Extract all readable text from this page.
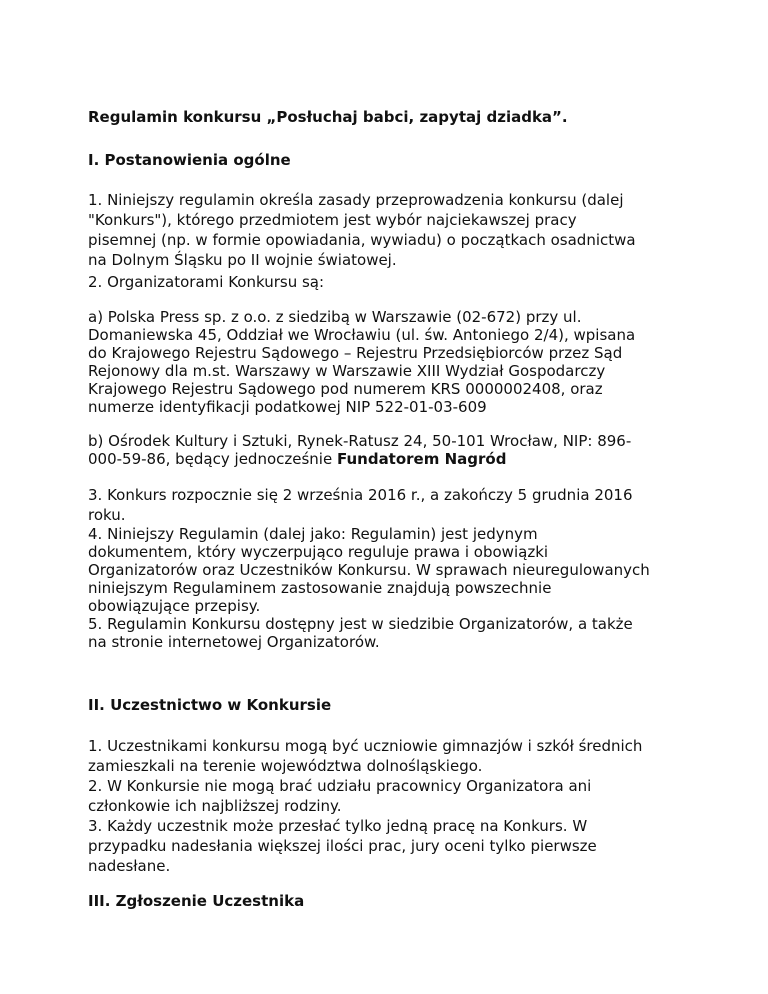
Regulamin konkursu „Posłuchaj babci, zapytaj dziadka”.
I. Postanowienia ogólne
1. Niniejszy regulamin określa zasady przeprowadzenia konkursu (dalej
"Konkurs"), którego przedmiotem jest wybór najciekawszej pracy
pisemnej (np. w formie opowiadania, wywiadu) o początkach osadnictwa
na Dolnym Śląsku po II wojnie światowej.
2. Organizatorami Konkursu są:
a) Polska Press sp. z o.o. z siedzibą w Warszawie (02-672) przy ul.
Domaniewska 45, Oddział we Wrocławiu (ul. św. Antoniego 2/4), wpisana
do Krajowego Rejestru Sądowego – Rejestru Przedsiębiorców przez Sąd
Rejonowy dla m.st. Warszawy w Warszawie XIII Wydział Gospodarczy
Krajowego Rejestru Sądowego pod numerem KRS 0000002408, oraz
numerze identyfikacji podatkowej NIP 522-01-03-609
b) Ośrodek Kultury i Sztuki, Rynek-Ratusz 24, 50-101 Wrocław, NIP: 896-
000-59-86, będący jednocześnie Fundatorem Nagród
3. Konkurs rozpocznie się 2 września 2016 r., a zakończy 5 grudnia 2016
roku.
4. Niniejszy Regulamin (dalej jako: Regulamin) jest jedynym
dokumentem, który wyczerpująco reguluje prawa i obowiązki
Organizatorów oraz Uczestników Konkursu. W sprawach nieuregulowanych
niniejszym Regulaminem zastosowanie znajdują powszechnie
obowiązujące przepisy.
5. Regulamin Konkursu dostępny jest w siedzibie Organizatorów, a także
na stronie internetowej Organizatorów.
II. Uczestnictwo w Konkursie
1. Uczestnikami konkursu mogą być uczniowie gimnazjów i szkół średnich
zamieszkali na terenie województwa dolnośląskiego.
2. W Konkursie nie mogą brać udziału pracownicy Organizatora ani
członkowie ich najbliższej rodziny.
3. Każdy uczestnik może przesłać tylko jedną pracę na Konkurs. W
przypadku nadesłania większej ilości prac, jury oceni tylko pierwsze
nadesłane.
III. Zgłoszenie Uczestnika
